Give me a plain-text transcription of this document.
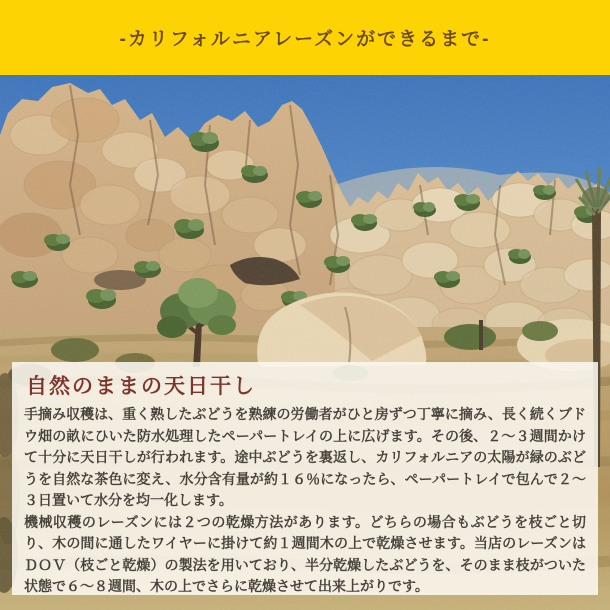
-カリフォルニアレーズンができるまで-
自然のままの天日干し

手摘み収穫は、重く熟したぶどうを熟練の労働者がひと房ずつ丁寧に摘み、長く続くブドウ畑の畝にひいた防水処理したペーパートレイの上に広げます。その後、２～３週間かけて十分に天日干しが行われます。途中ぶどうを裏返し、カリフォルニアの太陽が緑のぶどうを自然な茶色に変え、水分含有量が約１６％になったら、ペーパートレイで包んで２～３日置いて水分を均一化します。

機械収穫のレーズンには２つの乾燥方法があります。どちらの場合もぶどうを枝ごと切り、木の間に通したワイヤーに掛けて約１週間木の上で乾燥させます。当店のレーズンはＤＯＶ（枝ごと乾燥）の製法を用いており、半分乾燥したぶどうを、そのまま枝がついた状態で６～８週間、木の上でさらに乾燥させて出来上がりです。
